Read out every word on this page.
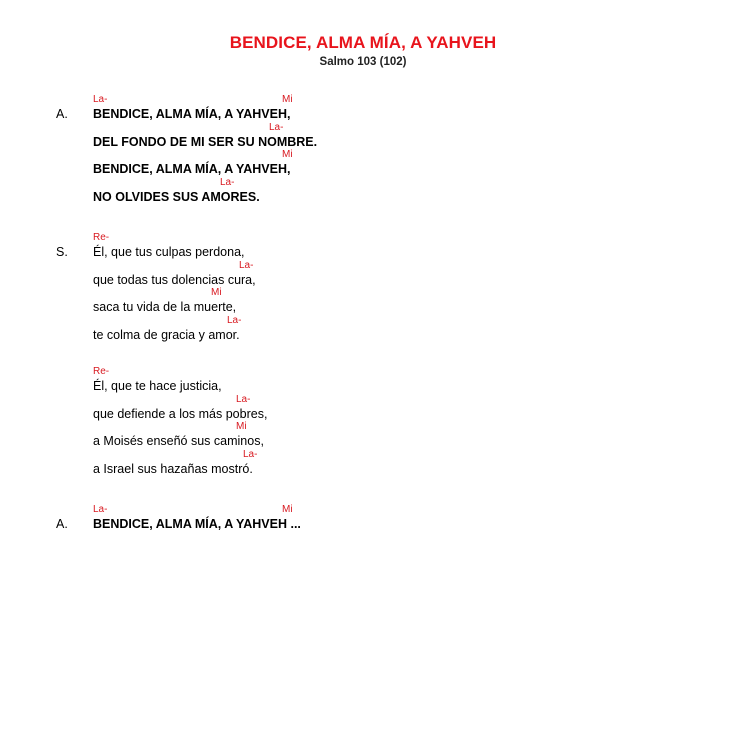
BENDICE, ALMA MÍA, A YAHVEH
Salmo 103 (102)
La-	Mi
A. BENDICE, ALMA MÍA, A YAHVEH,
La-
DEL FONDO DE MI SER SU NOMBRE.
Mi
BENDICE, ALMA MÍA, A YAHVEH,
La-
NO OLVIDES SUS AMORES.
Re-
S. Él, que tus culpas perdona,
La-
que todas tus dolencias cura,
Mi
saca tu vida de la muerte,
La-
te colma de gracia y amor.
Re-
Él, que te hace justicia,
La-
que defiende a los más pobres,
Mi
a Moisés enseñó sus caminos,
La-
a Israel sus hazañas mostró.
La-	Mi
A. BENDICE, ALMA MÍA, A YAHVEH ...
